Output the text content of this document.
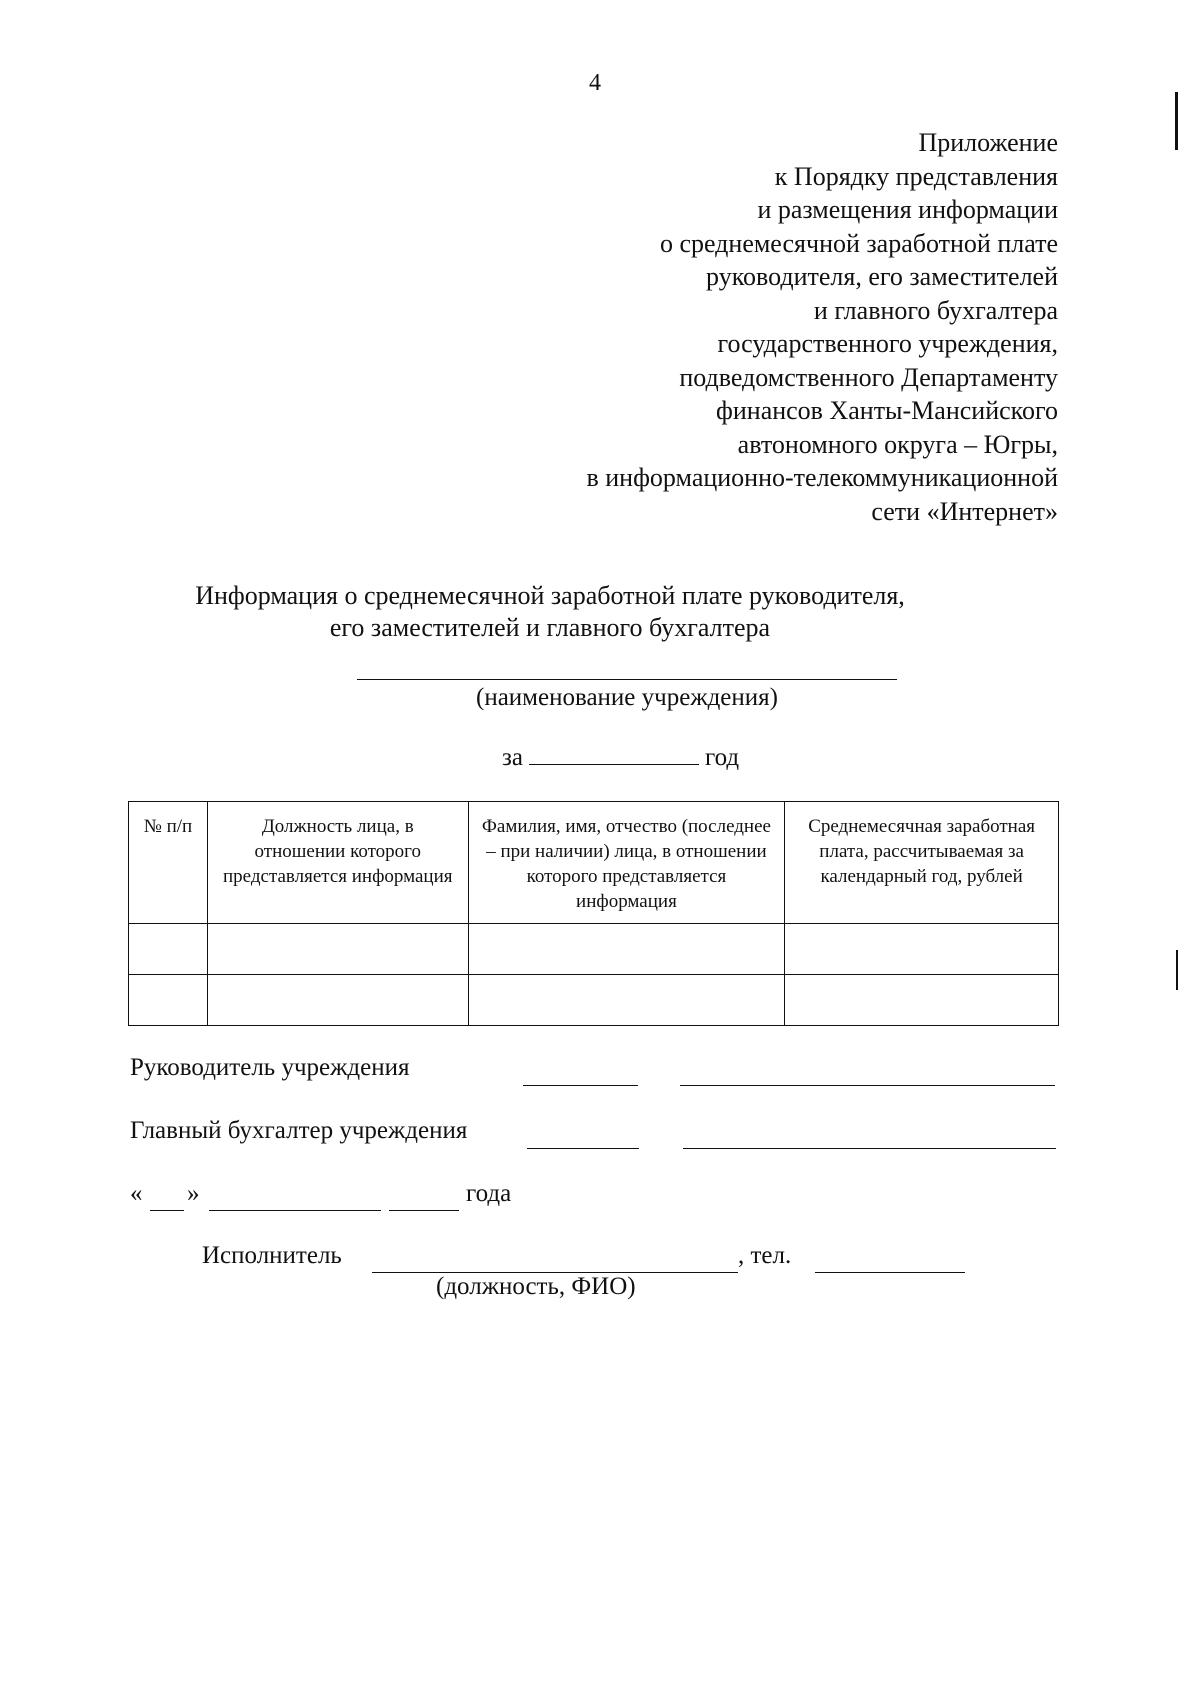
4
Приложение
к Порядку представления
и размещения информации
о среднемесячной заработной плате
руководителя, его заместителей
и главного бухгалтера
государственного учреждения,
подведомственного Департаменту
финансов Ханты-Мансийского
автономного округа – Югры,
в информационно-телекоммуникационной
сети «Интернет»
Информация о среднемесячной заработной плате руководителя,
его заместителей и главного бухгалтера
(наименование учреждения)
за	год
№ п/п	Должность лица, в отношении которого представляется информация	Фамилия, имя, отчество (последнее – при наличии) лица, в отношении которого представляется информация	Среднемесячная заработная плата, рассчитываемая за календарный год, рублей

Руководитель учреждения
Главный бухгалтер учреждения
« »	года
Исполнитель	, тел.
(должность, ФИО)
